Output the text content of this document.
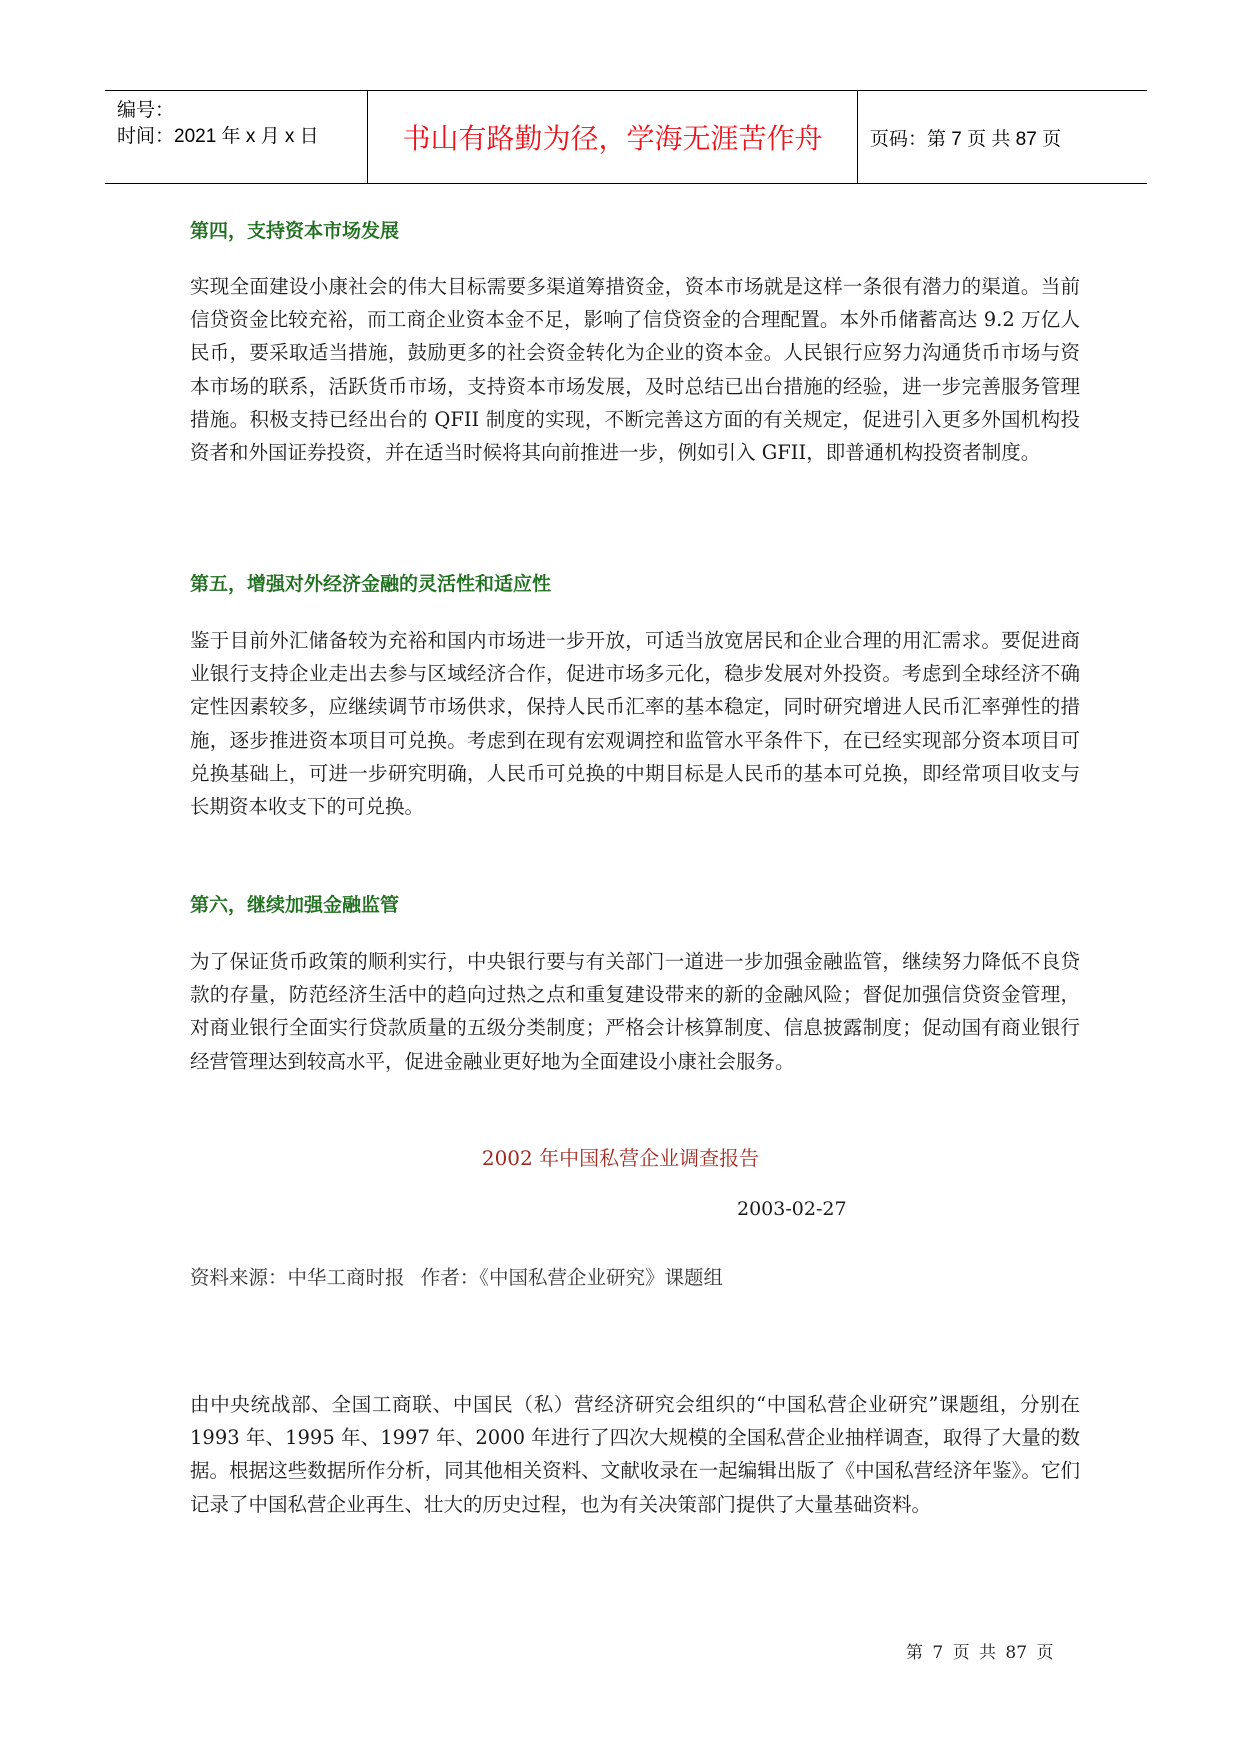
编号：
时间：2021 年 x 月 x 日	书山有路勤为径，学海无涯苦作舟	页码：第 7 页 共 87 页
第四，支持资本市场发展

实现全面建设小康社会的伟大目标需要多渠道筹措资金，资本市场就是这样一条很有潜力的渠道。当前信贷资金比较充裕，而工商企业资本金不足，影响了信贷资金的合理配置。本外币储蓄高达 9.2 万亿人民币，要采取适当措施，鼓励更多的社会资金转化为企业的资本金。人民银行应努力沟通货币市场与资本市场的联系，活跃货币市场，支持资本市场发展，及时总结已出台措施的经验，进一步完善服务管理措施。积极支持已经出台的 QFII 制度的实现，不断完善这方面的有关规定，促进引入更多外国机构投资者和外国证券投资，并在适当时候将其向前推进一步，例如引入 GFII，即普通机构投资者制度。

第五，增强对外经济金融的灵活性和适应性

鉴于目前外汇储备较为充裕和国内市场进一步开放，可适当放宽居民和企业合理的用汇需求。要促进商业银行支持企业走出去参与区域经济合作，促进市场多元化，稳步发展对外投资。考虑到全球经济不确定性因素较多，应继续调节市场供求，保持人民币汇率的基本稳定，同时研究增进人民币汇率弹性的措施，逐步推进资本项目可兑换。考虑到在现有宏观调控和监管水平条件下，在已经实现部分资本项目可兑换基础上，可进一步研究明确，人民币可兑换的中期目标是人民币的基本可兑换，即经常项目收支与长期资本收支下的可兑换。

第六，继续加强金融监管

为了保证货币政策的顺利实行，中央银行要与有关部门一道进一步加强金融监管，继续努力降低不良贷款的存量，防范经济生活中的趋向过热之点和重复建设带来的新的金融风险；督促加强信贷资金管理，对商业银行全面实行贷款质量的五级分类制度；严格会计核算制度、信息披露制度；促动国有商业银行经营管理达到较高水平，促进金融业更好地为全面建设小康社会服务。

2002 年中国私营企业调查报告
2003-02-27
资料来源：中华工商时报 作者：《中国私营企业研究》课题组

由中央统战部、全国工商联、中国民（私）营经济研究会组织的“中国私营企业研究”课题组，分别在 1993 年、1995 年、1997 年、2000 年进行了四次大规模的全国私营企业抽样调查，取得了大量的数据。根据这些数据所作分析，同其他相关资料、文献收录在一起编辑出版了《中国私营经济年鉴》。它们记录了中国私营企业再生、壮大的历史过程，也为有关决策部门提供了大量基础资料。

第 7 页 共 87 页
